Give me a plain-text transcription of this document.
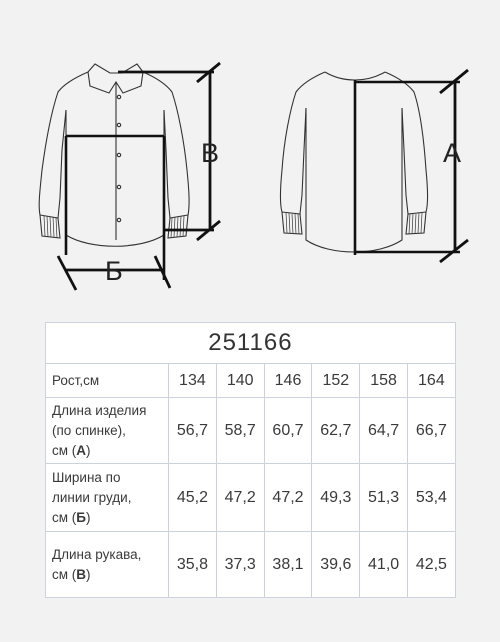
В
Б
А
251166						
Рост,см	134	140	146	152	158	164
Длина изделия
(по спинке),
см (А)	56,7	58,7	60,7	62,7	64,7	66,7
Ширина по
линии груди,
см (Б)	45,2	47,2	47,2	49,3	51,3	53,4
Длина рукава,
см (В)	35,8	37,3	38,1	39,6	41,0	42,5
